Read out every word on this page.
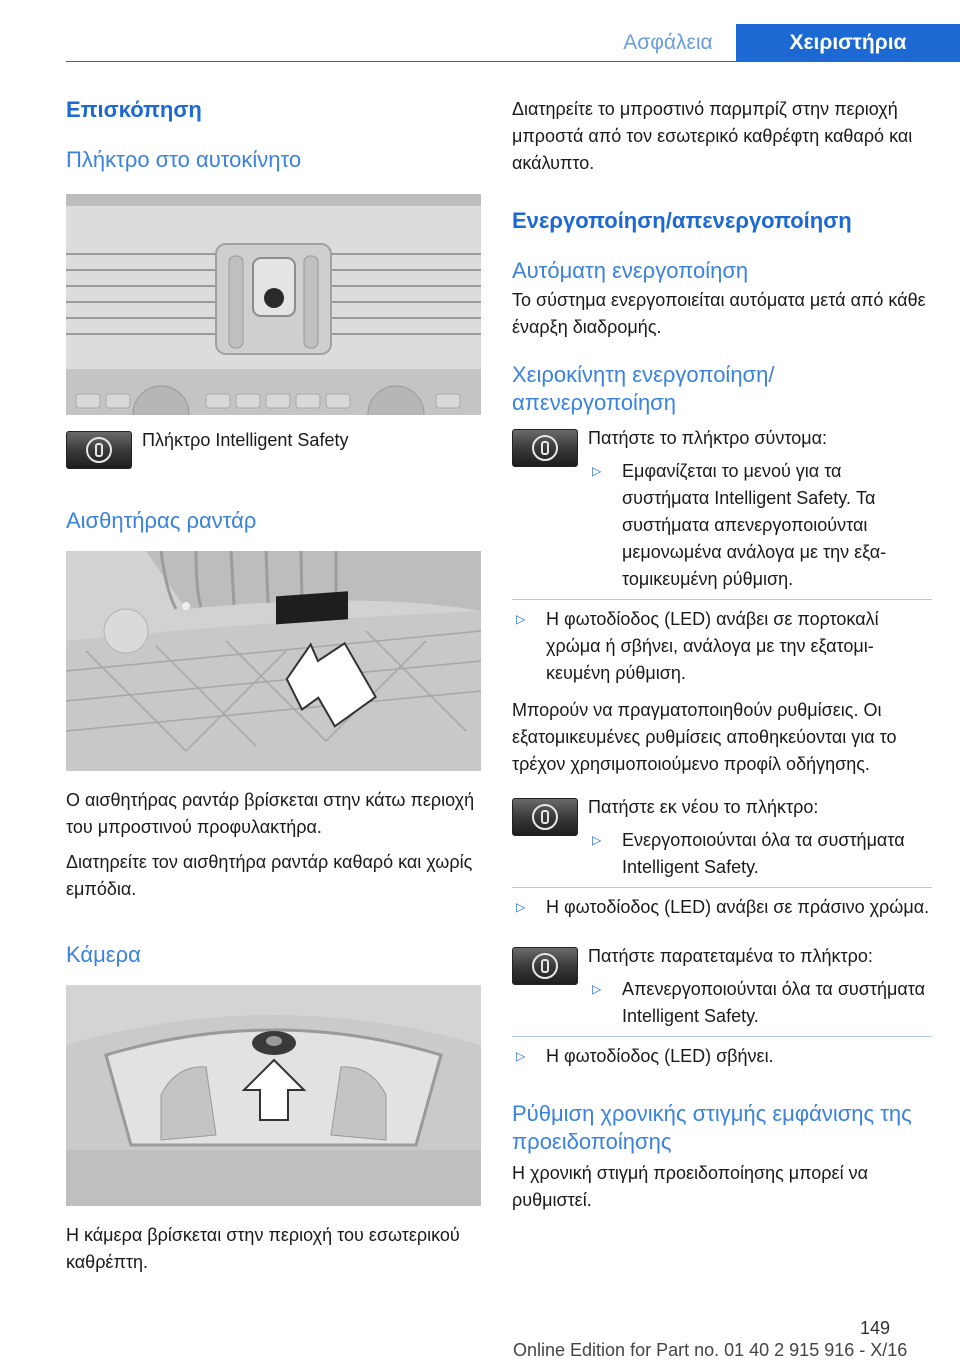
Ασφάλεια	Χειριστήρια
Επισκόπηση
Πλήκτρο στο αυτοκίνητο
Πλήκτρο Intelligent Safety
Αισθητήρας ραντάρ
Ο αισθητήρας ραντάρ βρίσκεται στην κάτω περιοχή του μπροστινού προφυλακτήρα.
Διατηρείτε τον αισθητήρα ραντάρ καθαρό και χωρίς εμπόδια.
Κάμερα
Η κάμερα βρίσκεται στην περιοχή του εσωτερικού καθρέπτη.
Διατηρείτε το μπροστινό παρμπρίζ στην περιοχή μπροστά από τον εσωτερικό καθρέφτη καθαρό και ακάλυπτο.
Ενεργοποίηση/απενεργοποίηση
Αυτόματη ενεργοποίηση
Το σύστημα ενεργοποιείται αυτόματα μετά από κάθε έναρξη διαδρομής.
Χειροκίνητη ενεργοποίηση/ απενεργοποίηση
Πατήστε το πλήκτρο σύντομα:
▷	Εμφανίζεται το μενού για τα συστήματα Intelligent Safety. Τα συστήματα απενεργοποιούνται μεμονωμένα ανάλογα με την εξατομικευμένη ρύθμιση.
▷	Η φωτοδίοδος (LED) ανάβει σε πορτοκαλί χρώμα ή σβήνει, ανάλογα με την εξατομικευμένη ρύθμιση.
Μπορούν να πραγματοποιηθούν ρυθμίσεις. Οι εξατομικευμένες ρυθμίσεις αποθηκεύονται για το τρέχον χρησιμοποιούμενο προφίλ οδήγησης.
Πατήστε εκ νέου το πλήκτρο:
▷	Ενεργοποιούνται όλα τα συστήματα Intelligent Safety.
▷	Η φωτοδίοδος (LED) ανάβει σε πράσινο χρώμα.
Πατήστε παρατεταμένα το πλήκτρο:
▷	Απενεργοποιούνται όλα τα συστήματα Intelligent Safety.
▷	Η φωτοδίοδος (LED) σβήνει.
Ρύθμιση χρονικής στιγμής εμφάνισης της προειδοποίησης
Η χρονική στιγμή προειδοποίησης μπορεί να ρυθμιστεί.
149
Online Edition for Part no. 01 40 2 915 916 - X/16
